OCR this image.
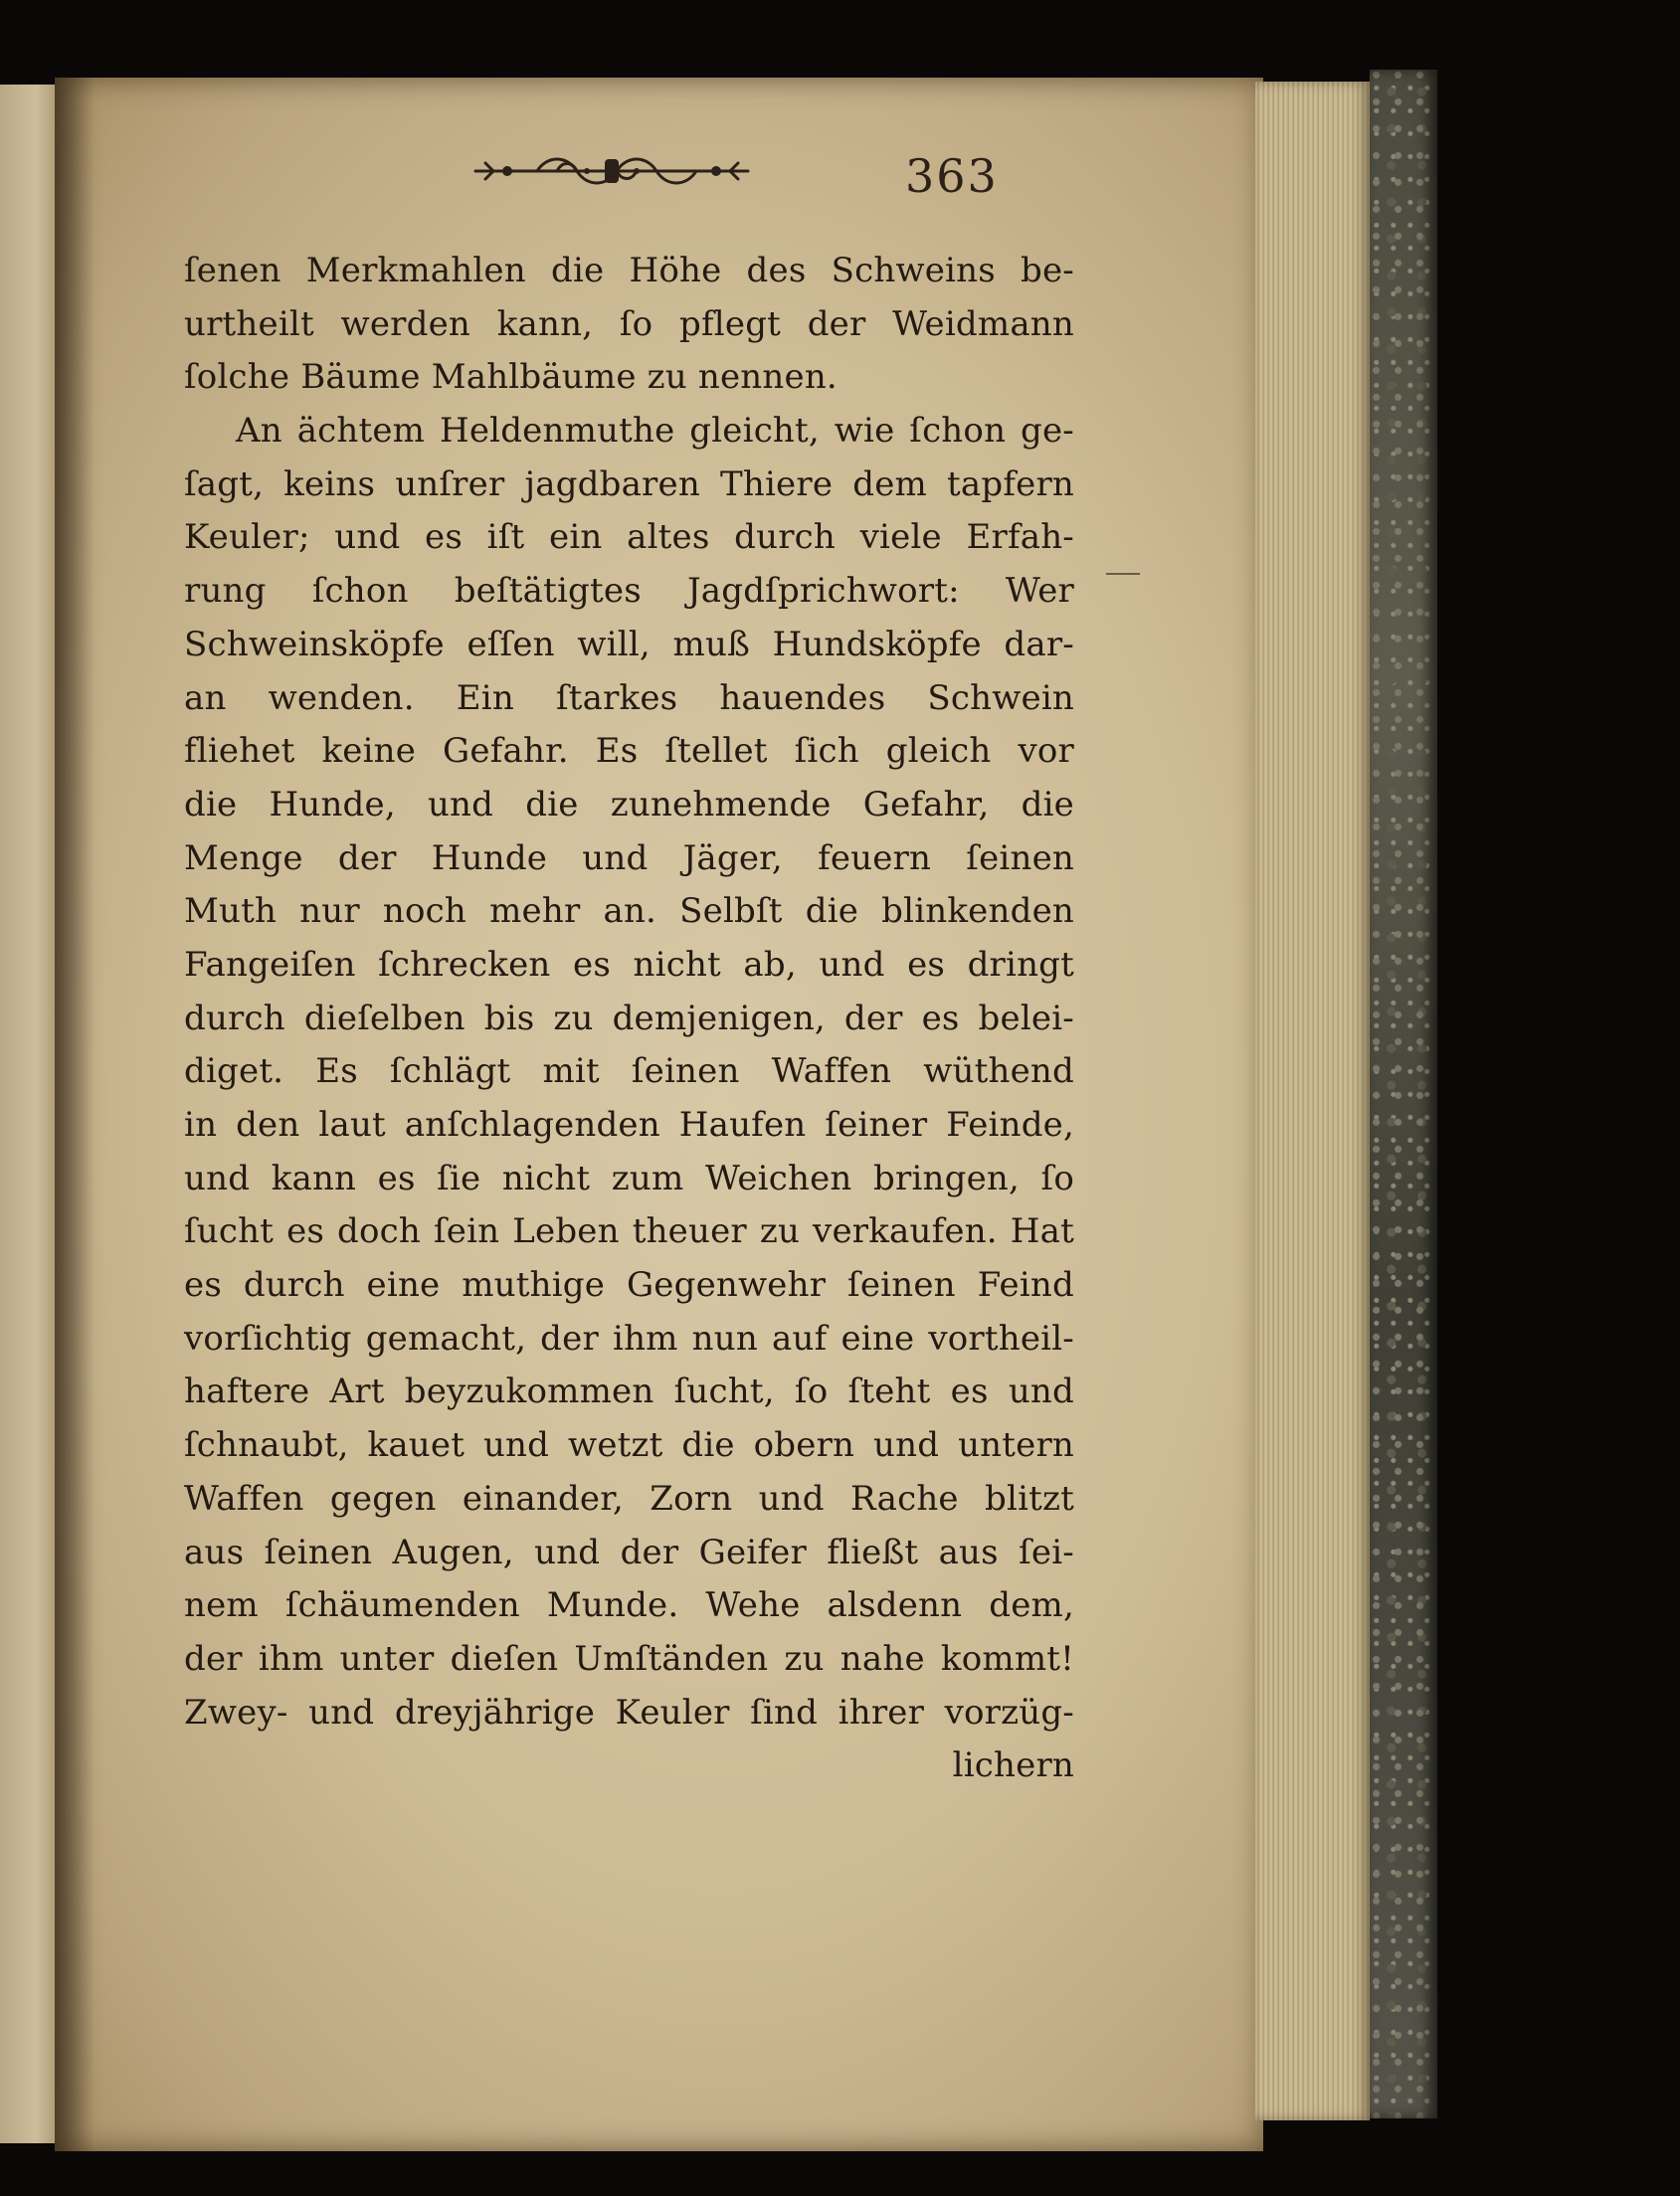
363
ſenen Merkmahlen die Höhe des Schweins be-
urtheilt werden kann, ſo pflegt der Weidmann
ſolche Bäume Mahlbäume zu nennen.
An ächtem Heldenmuthe gleicht, wie ſchon ge-
ſagt, keins unſrer jagdbaren Thiere dem tapfern
Keuler; und es iſt ein altes durch viele Erfah-
rung ſchon beſtätigtes Jagdſprichwort: Wer
Schweinsköpfe eſſen will, muß Hundsköpfe dar-
an wenden. Ein ſtarkes hauendes Schwein
fliehet keine Gefahr. Es ſtellet ſich gleich vor
die Hunde, und die zunehmende Gefahr, die
Menge der Hunde und Jäger, feuern ſeinen
Muth nur noch mehr an. Selbſt die blinkenden
Fangeiſen ſchrecken es nicht ab, und es dringt
durch dieſelben bis zu demjenigen, der es belei-
diget. Es ſchlägt mit ſeinen Waffen wüthend
in den laut anſchlagenden Haufen ſeiner Feinde,
und kann es ſie nicht zum Weichen bringen, ſo
ſucht es doch ſein Leben theuer zu verkaufen. Hat
es durch eine muthige Gegenwehr ſeinen Feind
vorſichtig gemacht, der ihm nun auf eine vortheil-
haftere Art beyzukommen ſucht, ſo ſteht es und
ſchnaubt, kauet und wetzt die obern und untern
Waffen gegen einander, Zorn und Rache blitzt
aus ſeinen Augen, und der Geifer fließt aus ſei-
nem ſchäumenden Munde. Wehe alsdenn dem,
der ihm unter dieſen Umſtänden zu nahe kommt!
Zwey- und dreyjährige Keuler ſind ihrer vorzüg-
lichern
